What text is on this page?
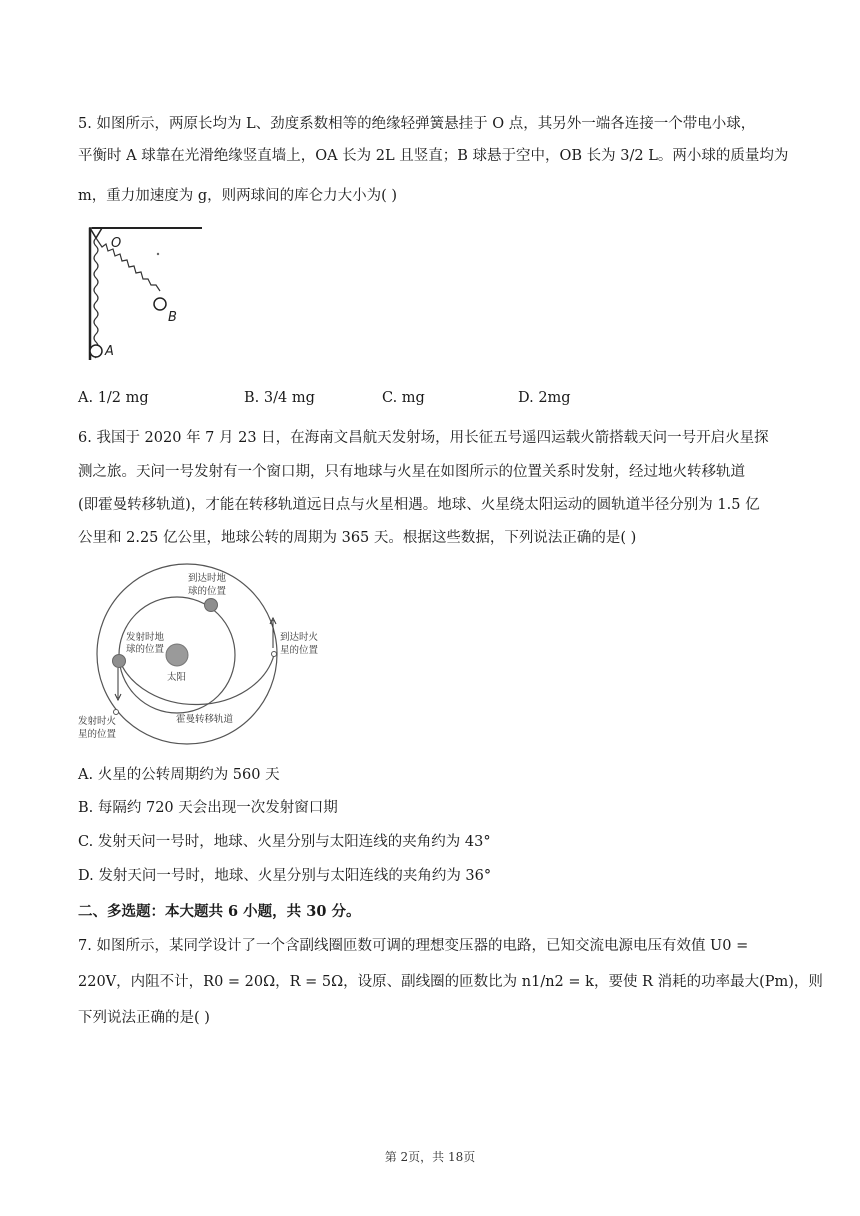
5. 如图所示，两原长均为 L、劲度系数相等的绝缘轻弹簧悬挂于 O 点，其另外一端各连接一个带电小球，
平衡时 A 球靠在光滑绝缘竖直墙上，OA 长为 2L 且竖直；B 球悬于空中，OB 长为 3/2 L。两小球的质量均为
m，重力加速度为 g，则两球间的库仑力大小为( )
O
B
A
A. 1/2 mg	B. 3/4 mg	C. mg	D. 2mg
6. 我国于 2020 年 7 月 23 日，在海南文昌航天发射场，用长征五号遥四运载火箭搭载天问一号开启火星探
测之旅。天问一号发射有一个窗口期，只有地球与火星在如图所示的位置关系时发射，经过地火转移轨道
(即霍曼转移轨道)，才能在转移轨道远日点与火星相遇。地球、火星绕太阳运动的圆轨道半径分别为 1.5 亿
公里和 2.25 亿公里，地球公转的周期为 365 天。根据这些数据，下列说法正确的是( )
到达时地
球的位置
发射时地
球的位置
太阳
到达时火
星的位置
发射时火
星的位置
霍曼转移轨道
A. 火星的公转周期约为 560 天
B. 每隔约 720 天会出现一次发射窗口期
C. 发射天问一号时，地球、火星分别与太阳连线的夹角约为 43°
D. 发射天问一号时，地球、火星分别与太阳连线的夹角约为 36°
二、多选题：本大题共 6 小题，共 30 分。
7. 如图所示，某同学设计了一个含副线圈匝数可调的理想变压器的电路，已知交流电源电压有效值 U0 =
220V，内阻不计，R0 = 20Ω，R = 5Ω，设原、副线圈的匝数比为 n1/n2 = k，要使 R 消耗的功率最大(Pm)，则
下列说法正确的是( )
第 2页，共 18页
